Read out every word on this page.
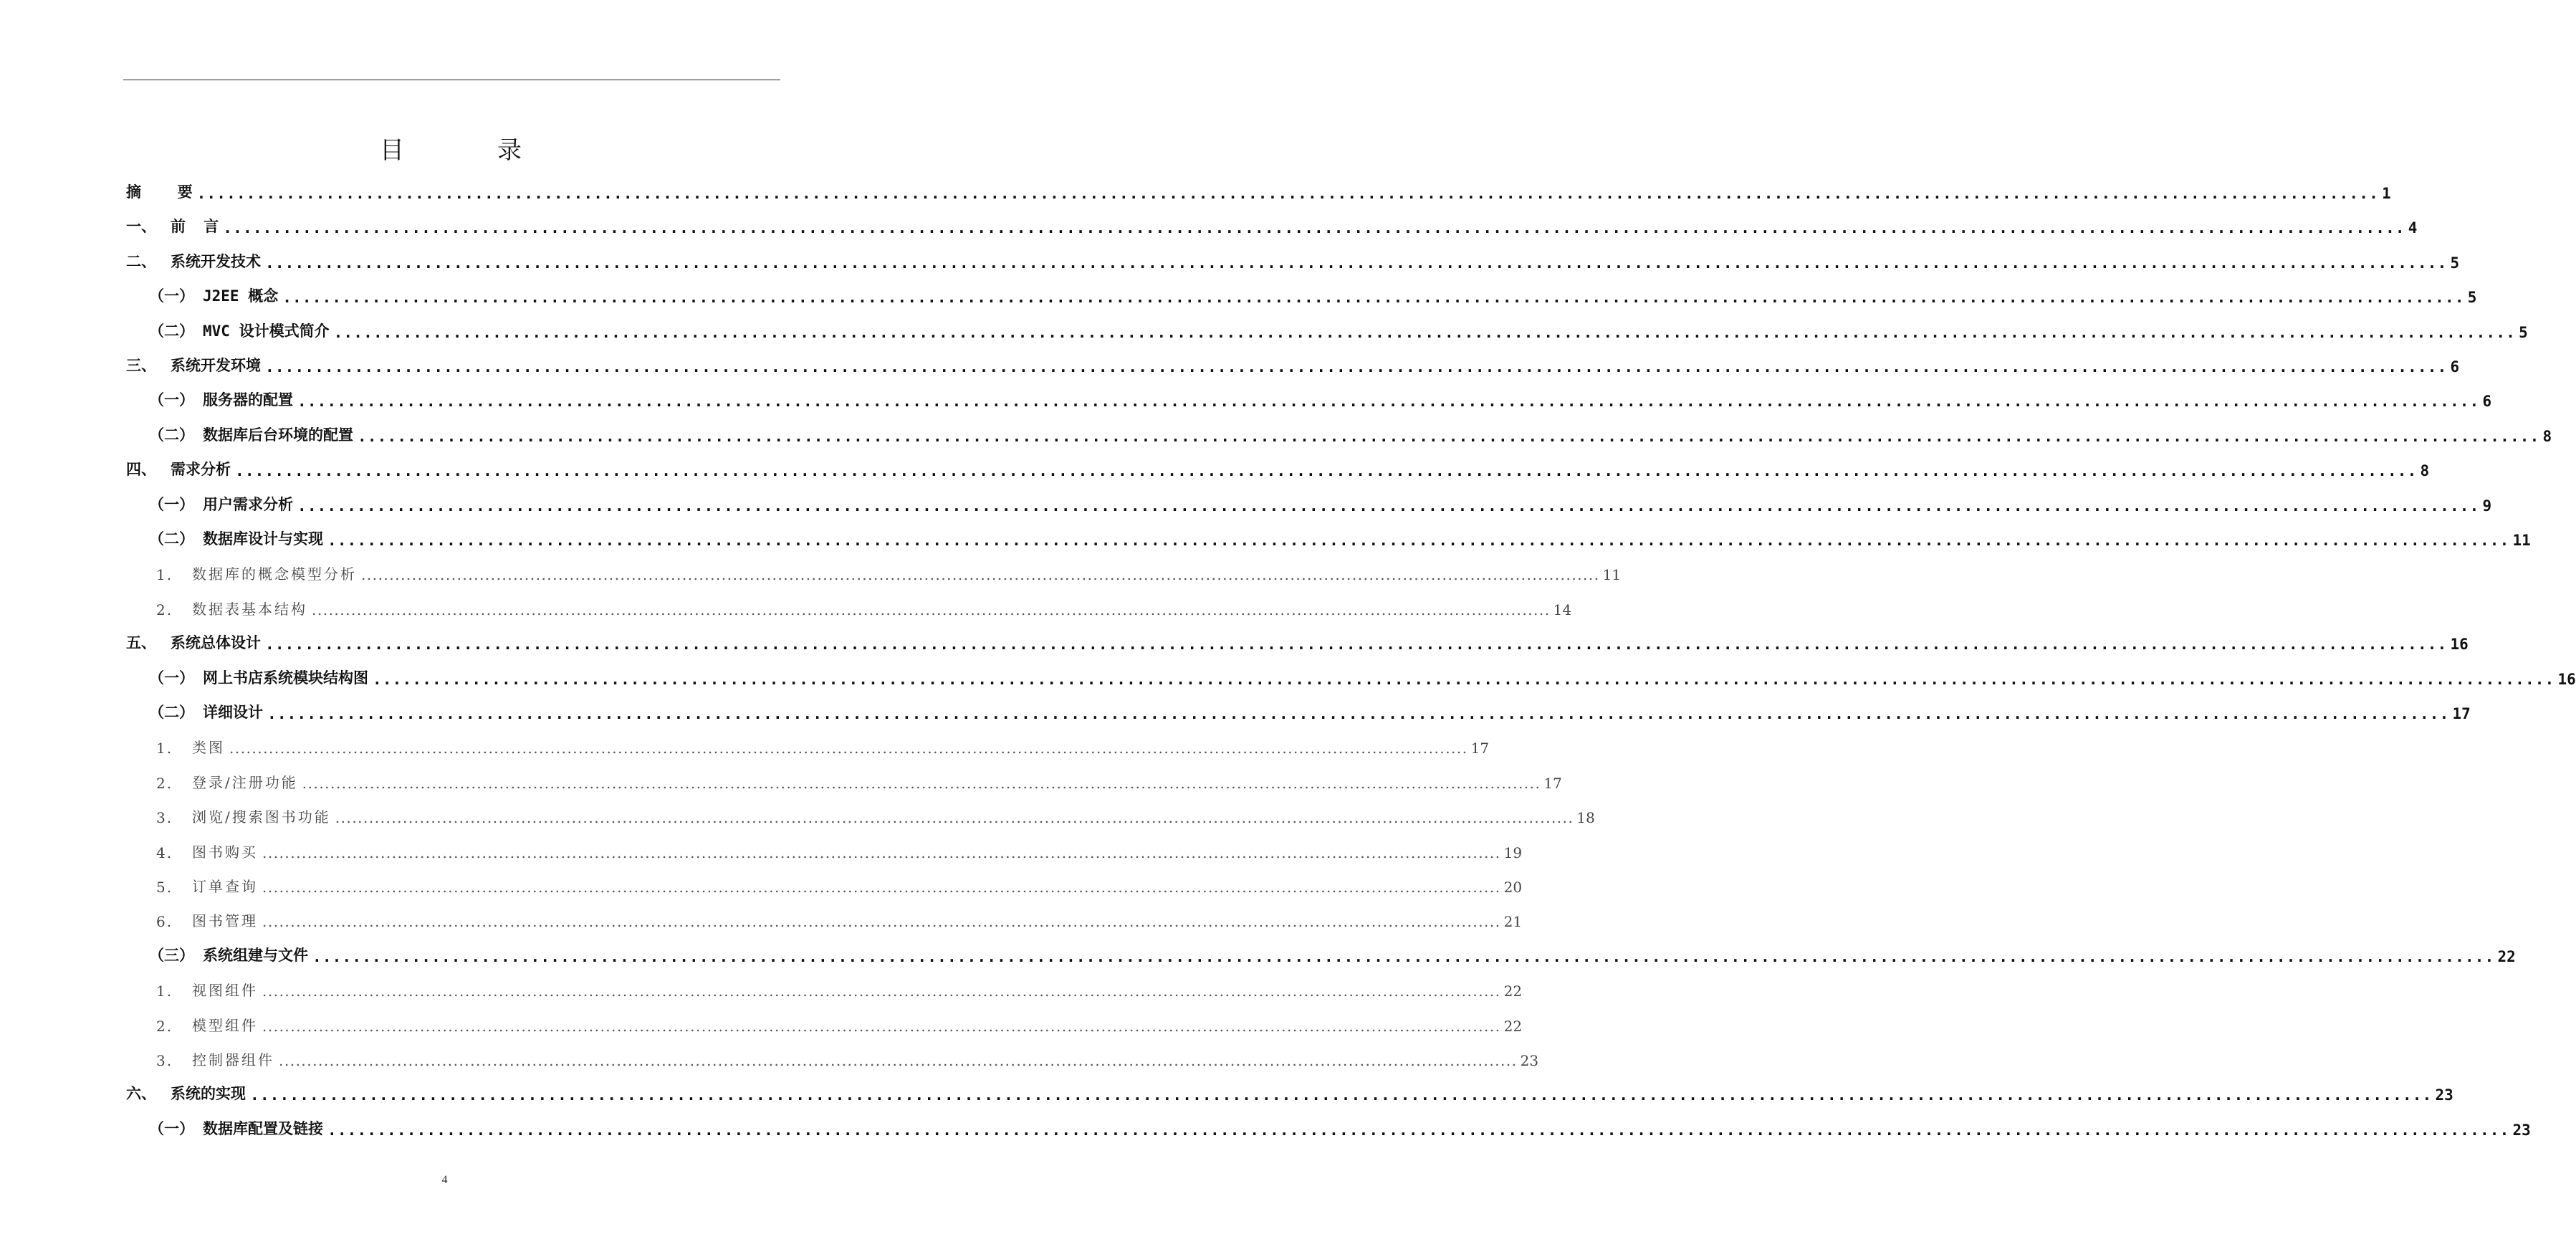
目	录
摘    要 ............................................................................................................................................................................................................................ 1
一、 前  言 ............................................................................................................................................................................................................................ 4
二、 系统开发技术 ............................................................................................................................................................................................................................ 5
（一） J2EE 概念 ............................................................................................................................................................................................................................ 5
（二） MVC 设计模式简介 ............................................................................................................................................................................................................................ 5
三、 系统开发环境 ............................................................................................................................................................................................................................ 6
（一） 服务器的配置 ............................................................................................................................................................................................................................ 6
（二） 数据库后台环境的配置 ............................................................................................................................................................................................................................ 8
四、 需求分析 ............................................................................................................................................................................................................................ 8
（一） 用户需求分析 ............................................................................................................................................................................................................................ 9
（二） 数据库设计与实现 ............................................................................................................................................................................................................................ 11
1.	数据库的概念模型分析 ............................................................................................................................................................................................................................ 11
2.	数据表基本结构 ............................................................................................................................................................................................................................ 14
五、 系统总体设计 ............................................................................................................................................................................................................................ 16
（一） 网上书店系统模块结构图 ............................................................................................................................................................................................................................ 16
（二） 详细设计 ............................................................................................................................................................................................................................ 17
1.	类图 ............................................................................................................................................................................................................................ 17
2.	登录/注册功能 ............................................................................................................................................................................................................................ 17
3.	浏览/搜索图书功能 ............................................................................................................................................................................................................................ 18
4.	图书购买 ............................................................................................................................................................................................................................ 19
5.	订单查询 ............................................................................................................................................................................................................................ 20
6.	图书管理 ............................................................................................................................................................................................................................ 21
（三） 系统组建与文件 ............................................................................................................................................................................................................................ 22
1.	视图组件 ............................................................................................................................................................................................................................ 22
2.	模型组件 ............................................................................................................................................................................................................................ 22
3.	控制器组件 ............................................................................................................................................................................................................................ 23
六、 系统的实现 ............................................................................................................................................................................................................................ 23
（一） 数据库配置及链接 ............................................................................................................................................................................................................................ 23
4
